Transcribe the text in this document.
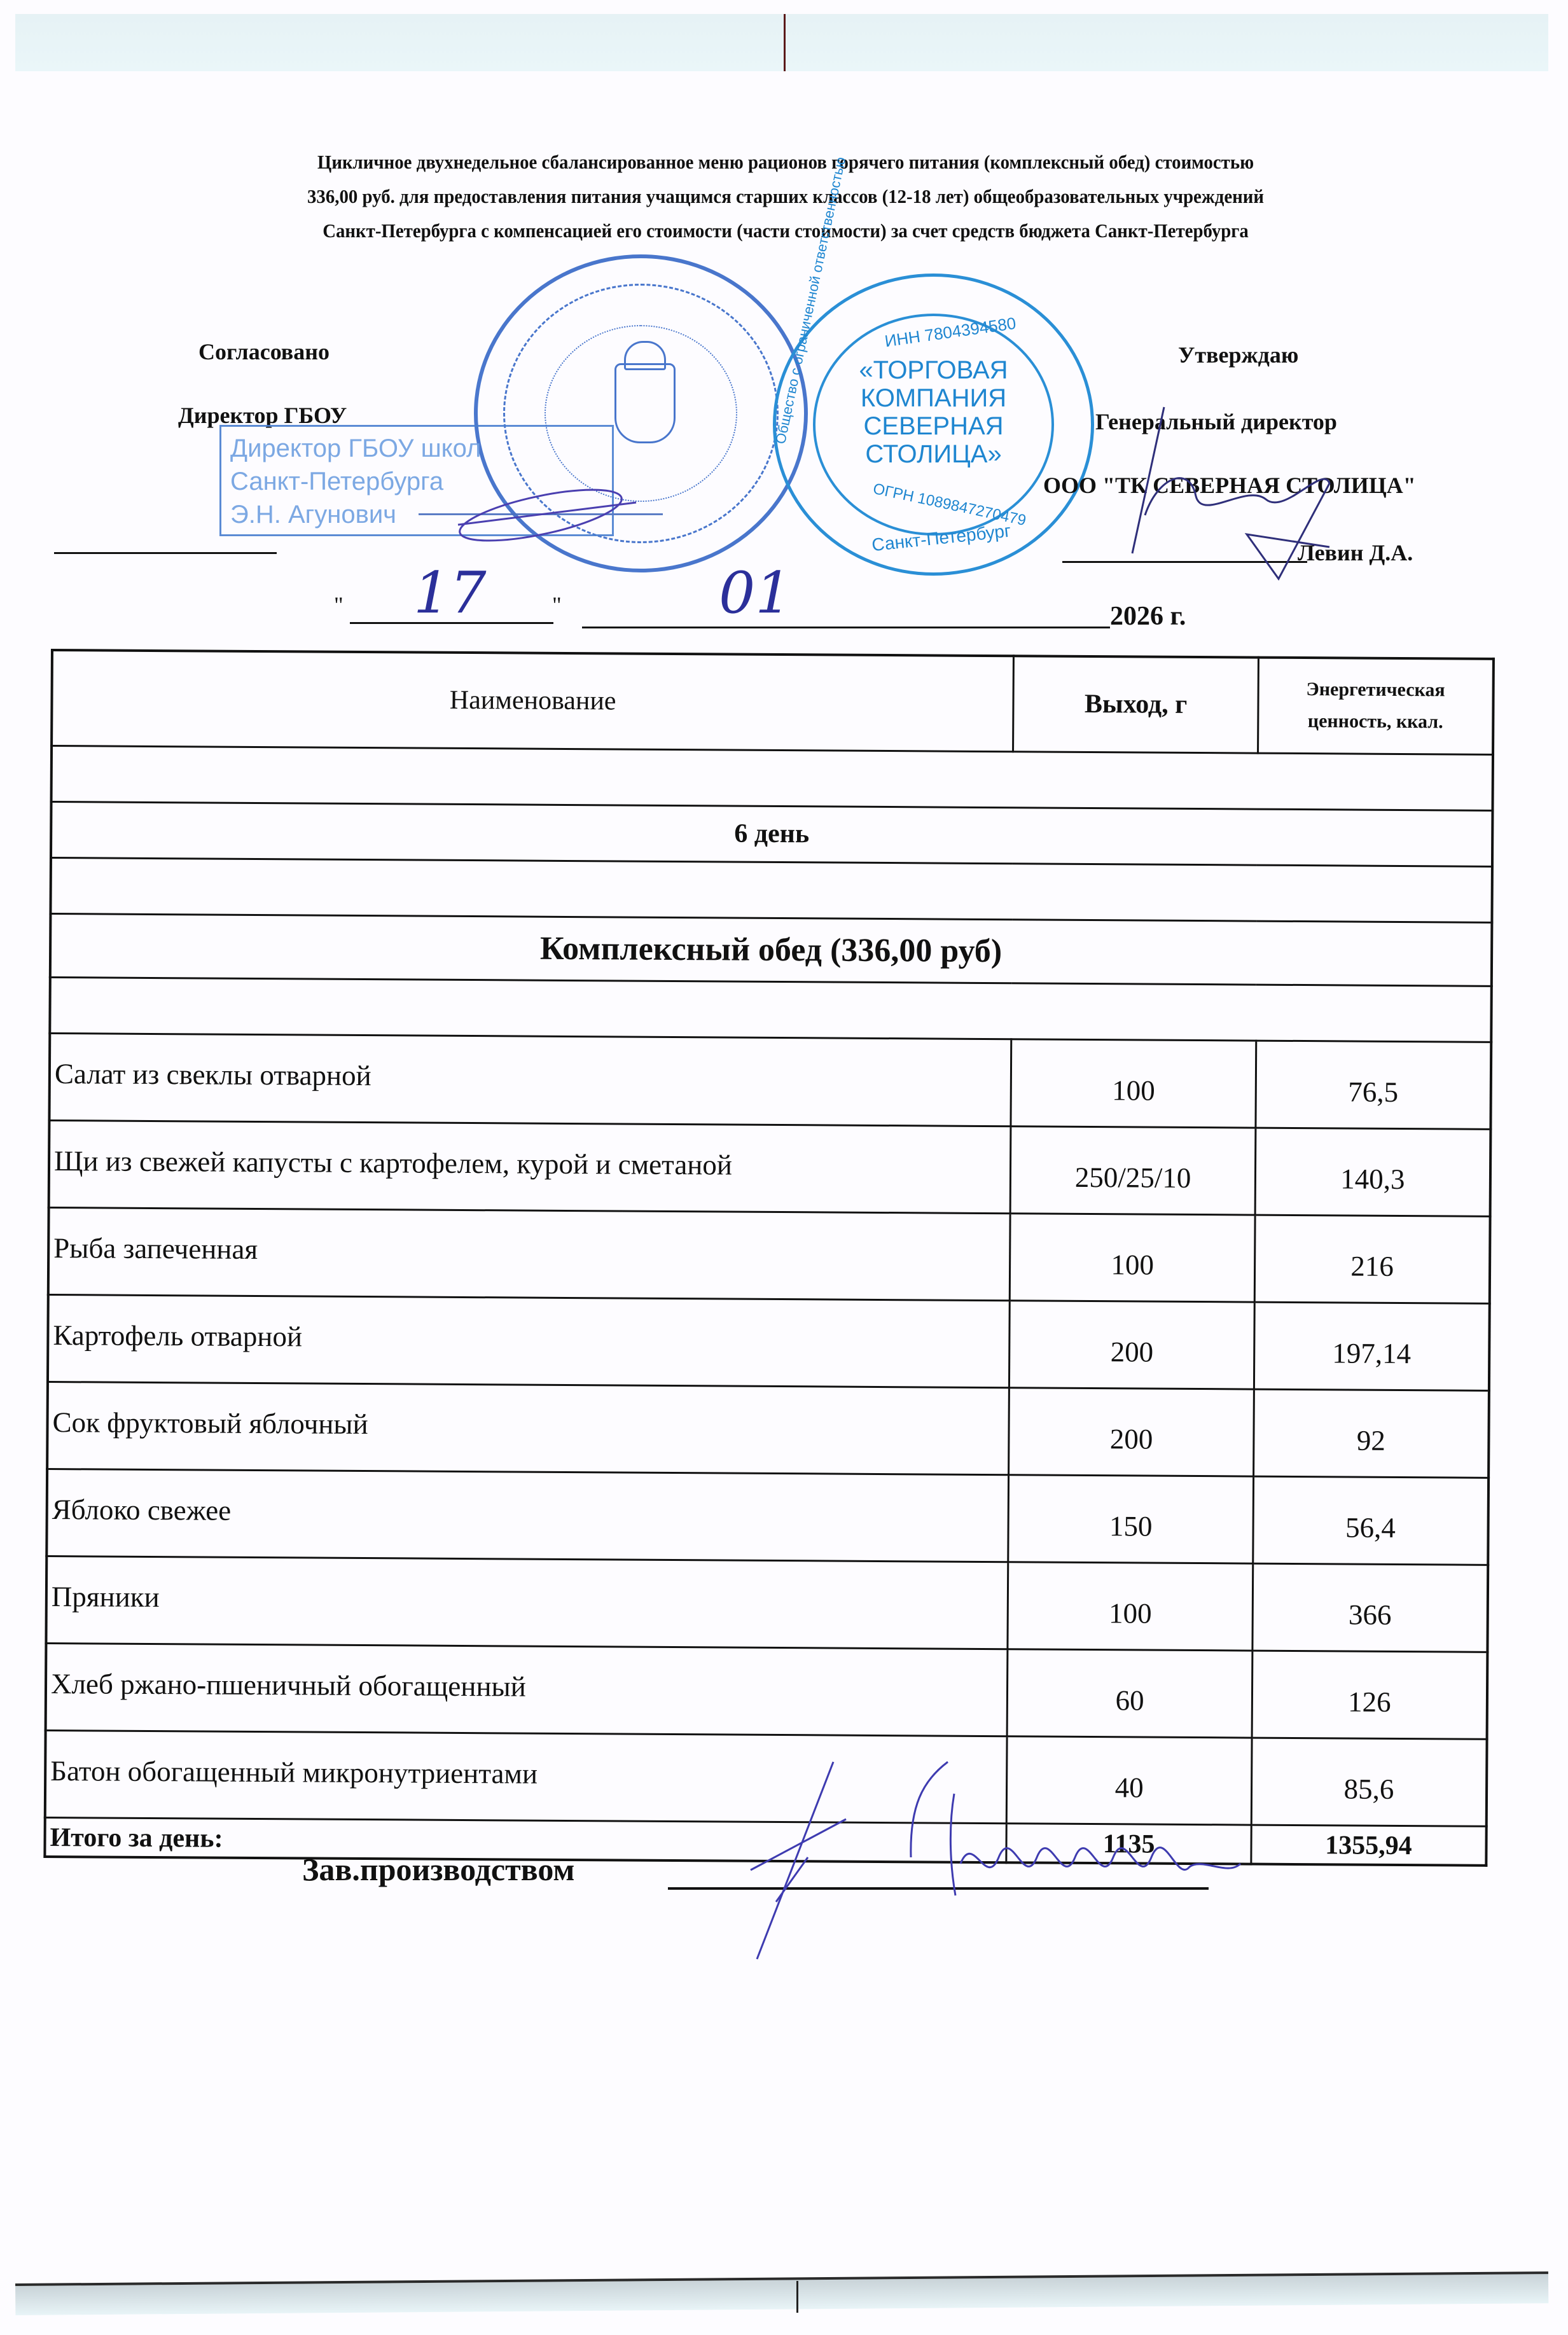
Цикличное двухнедельное сбалансированное меню рационов горячего питания (комплексный обед) стоимостью
336,00 руб. для предоставления питания учащимся старших классов (12-18 лет) общеобразовательных учреждений
Санкт-Петербурга с компенсацией его стоимости (части стоимости) за счет средств бюджета Санкт-Петербурга
Общество с ограниченной ответственностью ИНН 7804394580
«ТОРГОВАЯ
КОМПАНИЯ
СЕВЕРНАЯ
СТОЛИЦА»
ОГРН 1089847270479
Санкт-Петербург
Согласовано
Директор ГБОУ
Директор ГБОУ школ
Санкт-Петербурга
Э.Н. Агунович
Утверждаю
Генеральный директор
ООО "ТК СЕВЕРНАЯ СТОЛИЦА"
Левин Д.А.
" 17	"	01	2026 г.
Наименование	Выход, г	Энергетическая
ценность, ккал.

6 день		

Комплексный обед (336,00 руб)		

Салат из свеклы отварной	100	76,5
Щи из свежей капусты с картофелем, курой и сметаной	250/25/10	140,3
Рыба запеченная	100	216
Картофель отварной	200	197,14
Сок фруктовый яблочный	200	92
Яблоко свежее	150	56,4
Пряники	100	366
Хлеб ржано-пшеничный обогащенный	60	126
Батон обогащенный микронутриентами	40	85,6
Итого за день:	1135	1355,94
Зав.производством
